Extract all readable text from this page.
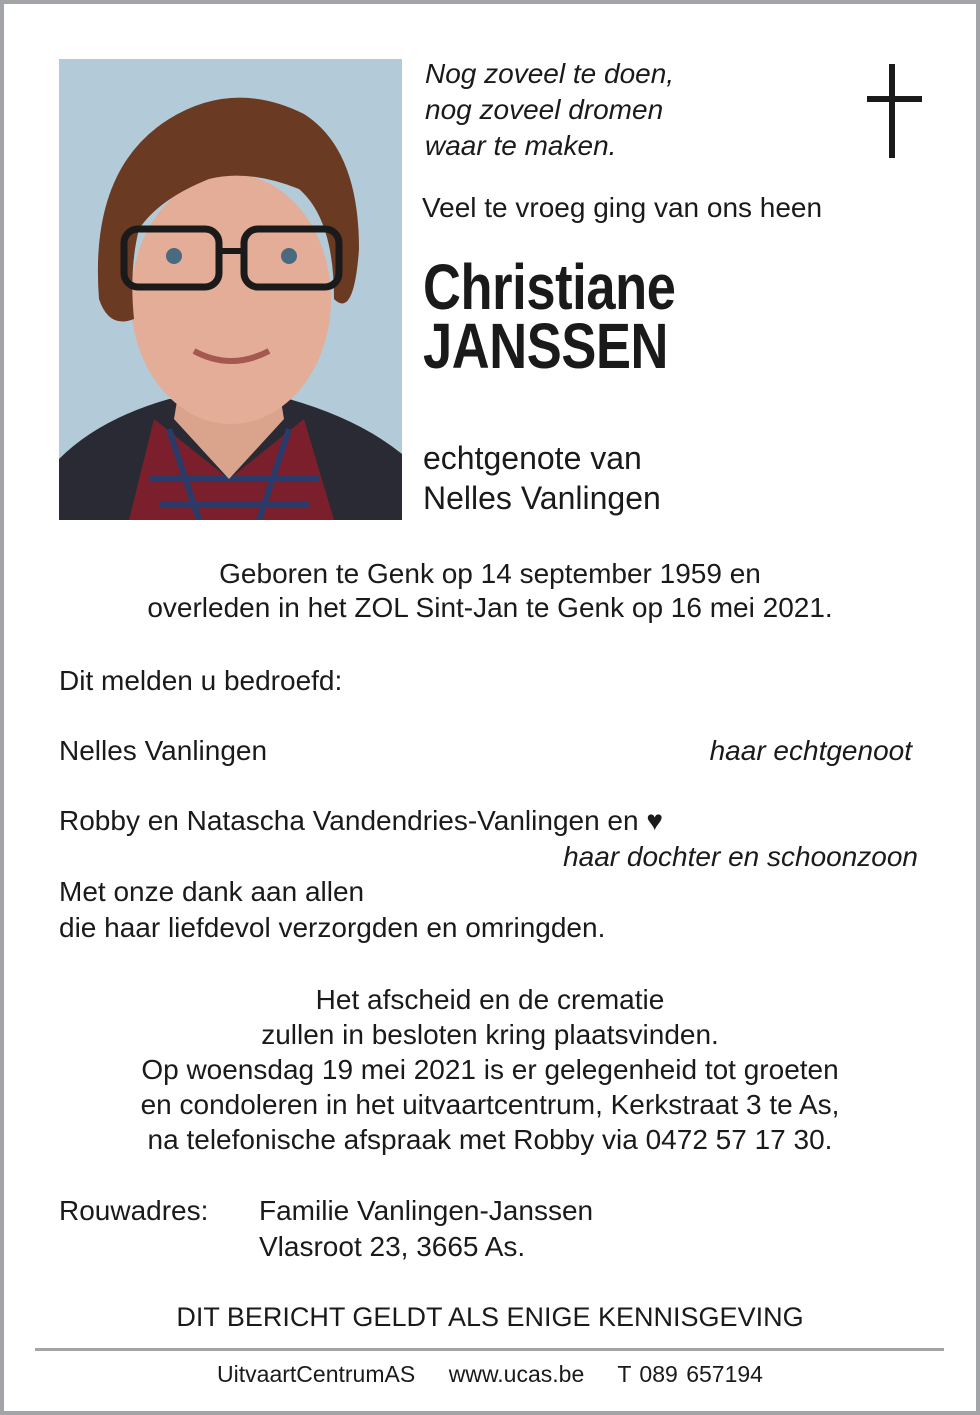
Nog zoveel te doen,
nog zoveel dromen
waar te maken.
Veel te vroeg ging van ons heen
Christiane
JANSSEN
echtgenote van
Nelles Vanlingen
Geboren te Genk op 14 september 1959 en
overleden in het ZOL Sint-Jan te Genk op 16 mei 2021.
Dit melden u bedroefd:
Nelles Vanlingen	haar echtgenoot
Robby en Natascha Vandendries-Vanlingen en ♥
haar dochter en schoonzoon
Met onze dank aan allen
die haar liefdevol verzorgden en omringden.
Het afscheid en de crematie
zullen in besloten kring plaatsvinden.
Op woensdag 19 mei 2021 is er gelegenheid tot groeten
en condoleren in het uitvaartcentrum, Kerkstraat 3 te As,
na telefonische afspraak met Robby via 0472 57 17 30.
Rouwadres: Familie Vanlingen-Janssen
Vlasroot 23, 3665 As.
DIT BERICHT GELDT ALS ENIGE KENNISGEVING
UitvaartCentrumAS www.ucas.be T 089 657194
